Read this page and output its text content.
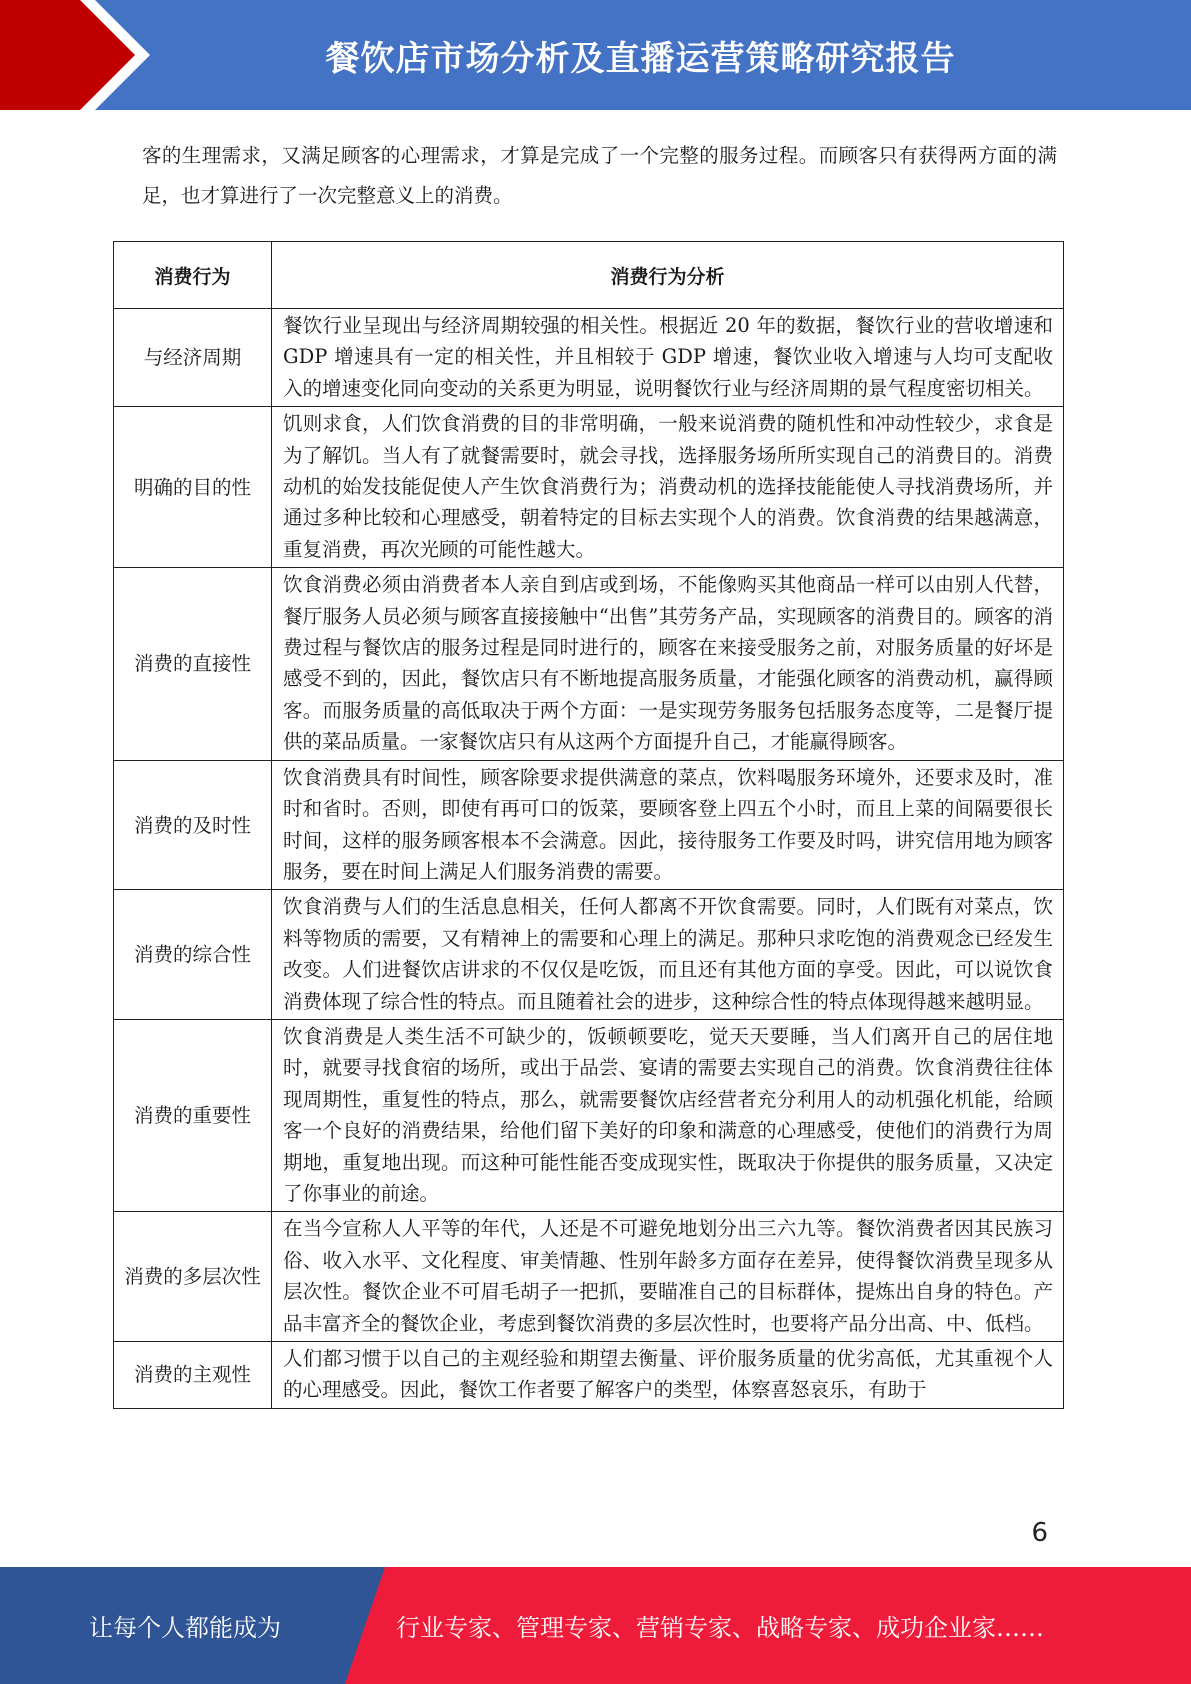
餐饮店市场分析及直播运营策略研究报告

客的生理需求，又满足顾客的心理需求，才算是完成了一个完整的服务过程。而顾客只有获得两方面的满足，也才算进行了一次完整意义上的消费。

消费行为	消费行为分析
与经济周期	餐饮行业呈现出与经济周期较强的相关性。根据近 20 年的数据，餐饮行业的营收增速和 GDP 增速具有一定的相关性，并且相较于 GDP 增速，餐饮业收入增速与人均可支配收入的增速变化同向变动的关系更为明显，说明餐饮行业与经济周期的景气程度密切相关。
明确的目的性	饥则求食，人们饮食消费的目的非常明确，一般来说消费的随机性和冲动性较少，求食是为了解饥。当人有了就餐需要时，就会寻找，选择服务场所所实现自己的消费目的。消费动机的始发技能促使人产生饮食消费行为；消费动机的选择技能能使人寻找消费场所，并通过多种比较和心理感受，朝着特定的目标去实现个人的消费。饮食消费的结果越满意，重复消费，再次光顾的可能性越大。
消费的直接性	饮食消费必须由消费者本人亲自到店或到场，不能像购买其他商品一样可以由别人代替，餐厅服务人员必须与顾客直接接触中“出售”其劳务产品，实现顾客的消费目的。顾客的消费过程与餐饮店的服务过程是同时进行的，顾客在来接受服务之前，对服务质量的好坏是感受不到的，因此，餐饮店只有不断地提高服务质量，才能强化顾客的消费动机，赢得顾客。而服务质量的高低取决于两个方面：一是实现劳务服务包括服务态度等，二是餐厅提供的菜品质量。一家餐饮店只有从这两个方面提升自己，才能赢得顾客。
消费的及时性	饮食消费具有时间性，顾客除要求提供满意的菜点，饮料喝服务环境外，还要求及时，准时和省时。否则，即使有再可口的饭菜，要顾客登上四五个小时，而且上菜的间隔要很长时间，这样的服务顾客根本不会满意。因此，接待服务工作要及时吗，讲究信用地为顾客服务，要在时间上满足人们服务消费的需要。
消费的综合性	饮食消费与人们的生活息息相关，任何人都离不开饮食需要。同时，人们既有对菜点，饮料等物质的需要，又有精神上的需要和心理上的满足。那种只求吃饱的消费观念已经发生改变。人们进餐饮店讲求的不仅仅是吃饭，而且还有其他方面的享受。因此，可以说饮食消费体现了综合性的特点。而且随着社会的进步，这种综合性的特点体现得越来越明显。
消费的重要性	饮食消费是人类生活不可缺少的，饭顿顿要吃，觉天天要睡，当人们离开自己的居住地时，就要寻找食宿的场所，或出于品尝、宴请的需要去实现自己的消费。饮食消费往往体现周期性，重复性的特点，那么，就需要餐饮店经营者充分利用人的动机强化机能，给顾客一个良好的消费结果，给他们留下美好的印象和满意的心理感受，使他们的消费行为周期地，重复地出现。而这种可能性能否变成现实性，既取决于你提供的服务质量，又决定了你事业的前途。
消费的多层次性	在当今宣称人人平等的年代，人还是不可避免地划分出三六九等。餐饮消费者因其民族习俗、收入水平、文化程度、审美情趣、性别年龄多方面存在差异，使得餐饮消费呈现多从层次性。餐饮企业不可眉毛胡子一把抓，要瞄准自己的目标群体，提炼出自身的特色。产品丰富齐全的餐饮企业，考虑到餐饮消费的多层次性时，也要将产品分出高、中、低档。
消费的主观性	人们都习惯于以自己的主观经验和期望去衡量、评价服务质量的优劣高低，尤其重视个人的心理感受。因此，餐饮工作者要了解客户的类型，体察喜怒哀乐，有助于
6
让每个人都能成为	行业专家、管理专家、营销专家、战略专家、成功企业家……
